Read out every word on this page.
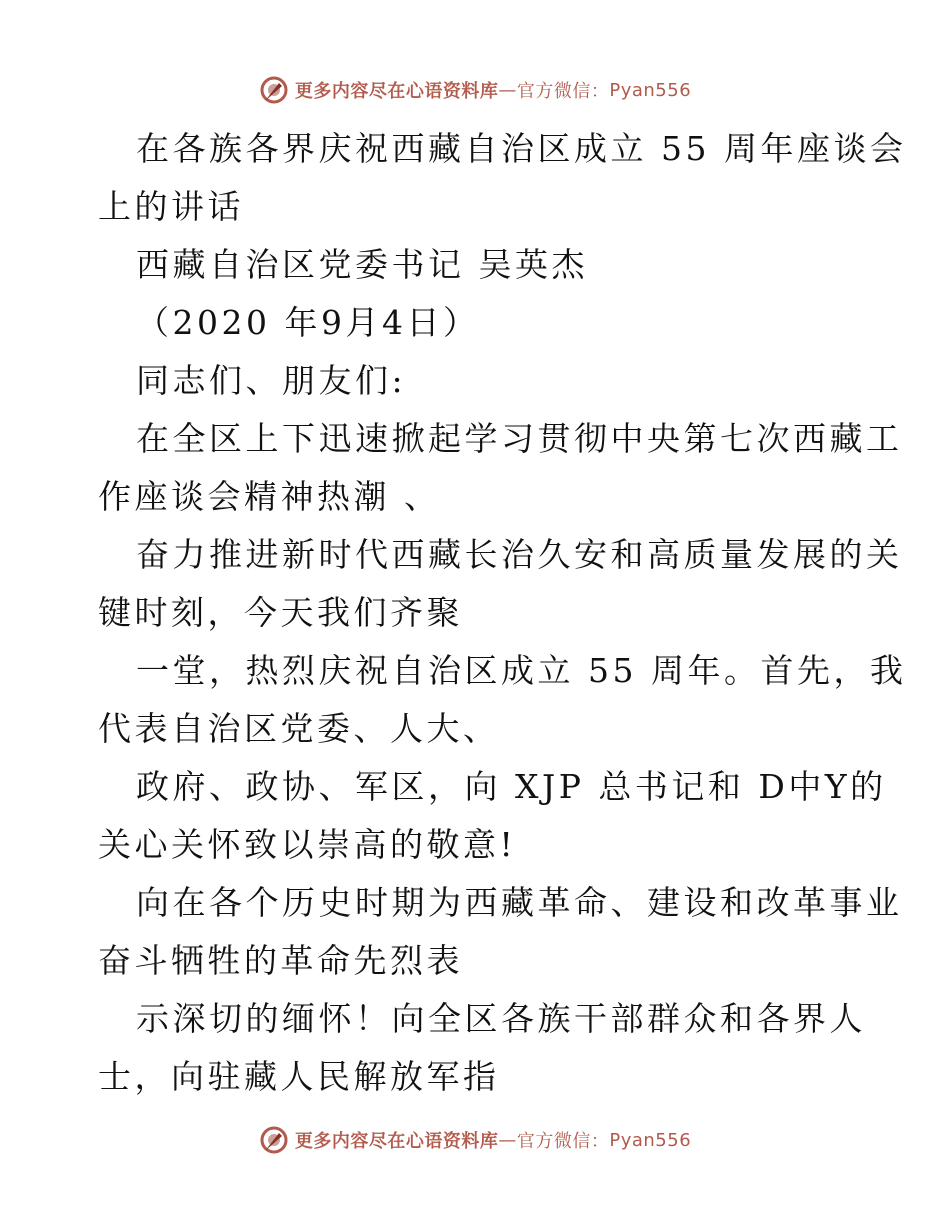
更多内容尽在心语资料库 — 官方微信： Pyan556
在各族各界庆祝西藏自治区成立 55 周年座谈会
上的讲话
西藏自治区党委书记 吴英杰
（2020 年9月4日）
同志们、朋友们:
在全区上下迅速掀起学习贯彻中央第七次西藏工
作座谈会精神热潮 、
奋力推进新时代西藏长治久安和高质量发展的关
键时刻，今天我们齐聚
一堂，热烈庆祝自治区成立 55 周年。首先，我
代表自治区党委、人大、
政府、政协、军区，向 XJP 总书记和 D中Y的
关心关怀致以崇高的敬意!
向在各个历史时期为西藏革命、建设和改革事业
奋斗牺牲的革命先烈表
示深切的缅怀！向全区各族干部群众和各界人
士，向驻藏人民解放军指
更多内容尽在心语资料库 — 官方微信： Pyan556
